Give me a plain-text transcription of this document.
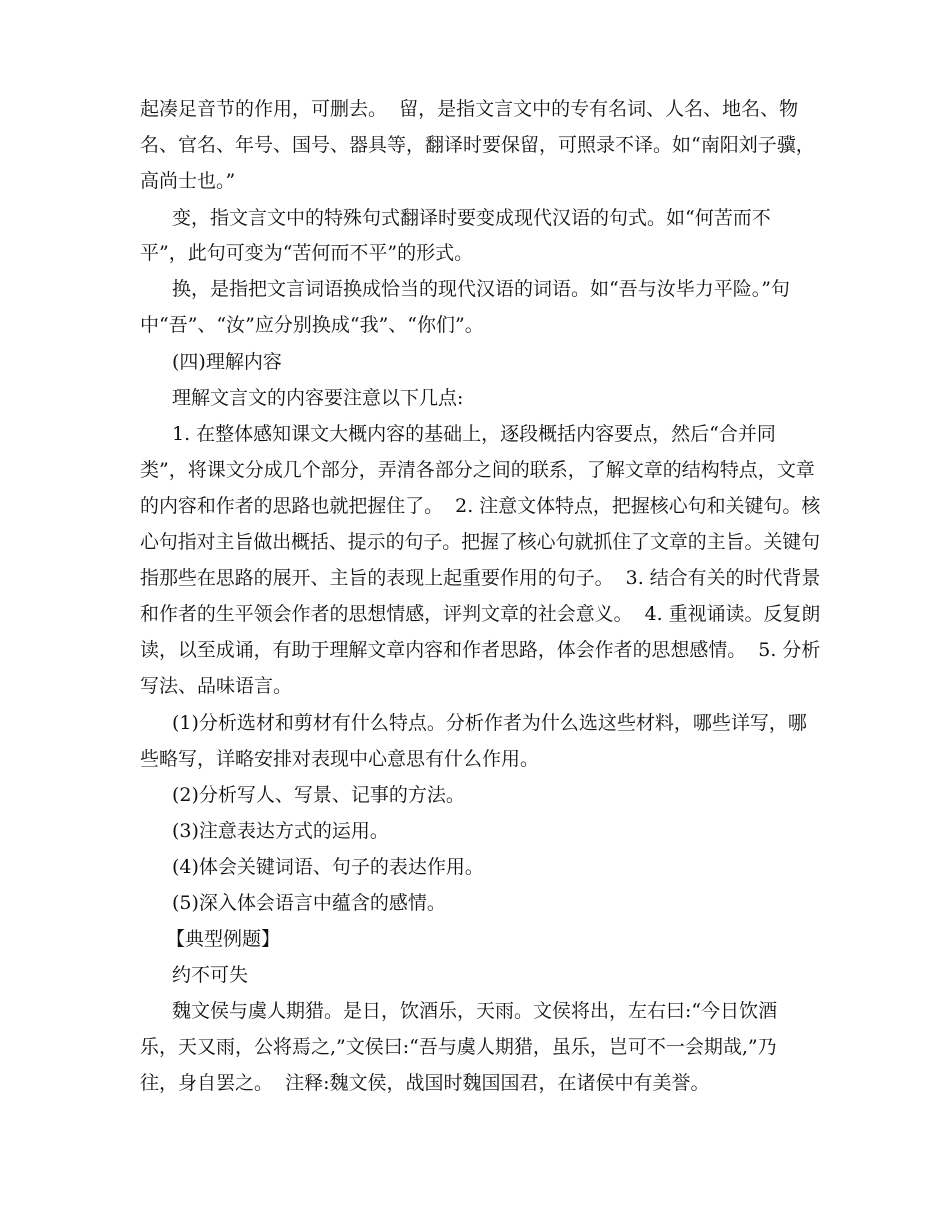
起凑足音节的作用，可删去。  留，是指文言文中的专有名词、人名、地名、物
名、官名、年号、国号、器具等，翻译时要保留，可照录不译。如“南阳刘子骥，
高尚士也。”
变，指文言文中的特殊句式翻译时要变成现代汉语的句式。如“何苦而不
平”，此句可变为“苦何而不平”的形式。
换，是指把文言词语换成恰当的现代汉语的词语。如“吾与汝毕力平险。”句
中“吾”、“汝”应分别换成“我”、“你们”。
(四)理解内容
理解文言文的内容要注意以下几点:
1. 在整体感知课文大概内容的基础上，逐段概括内容要点，然后“合并同
类”，将课文分成几个部分，弄清各部分之间的联系，了解文章的结构特点，文章
的内容和作者的思路也就把握住了。  2. 注意文体特点，把握核心句和关键句。核
心句指对主旨做出概括、提示的句子。把握了核心句就抓住了文章的主旨。关键句
指那些在思路的展开、主旨的表现上起重要作用的句子。  3. 结合有关的时代背景
和作者的生平领会作者的思想情感，评判文章的社会意义。  4. 重视诵读。反复朗
读，以至成诵，有助于理解文章内容和作者思路，体会作者的思想感情。  5. 分析
写法、品味语言。
(1)分析选材和剪材有什么特点。分析作者为什么选这些材料，哪些详写，哪
些略写，详略安排对表现中心意思有什么作用。
(2)分析写人、写景、记事的方法。
(3)注意表达方式的运用。
(4)体会关键词语、句子的表达作用。
(5)深入体会语言中蕴含的感情。
【典型例题】
约不可失
魏文侯与虞人期猎。是日，饮酒乐，天雨。文侯将出，左右曰:“今日饮酒
乐，天又雨，公将焉之,”文侯曰:“吾与虞人期猎，虽乐，岂可不一会期哉,”乃
往，身自罢之。  注释:魏文侯，战国时魏国国君，在诸侯中有美誉。
